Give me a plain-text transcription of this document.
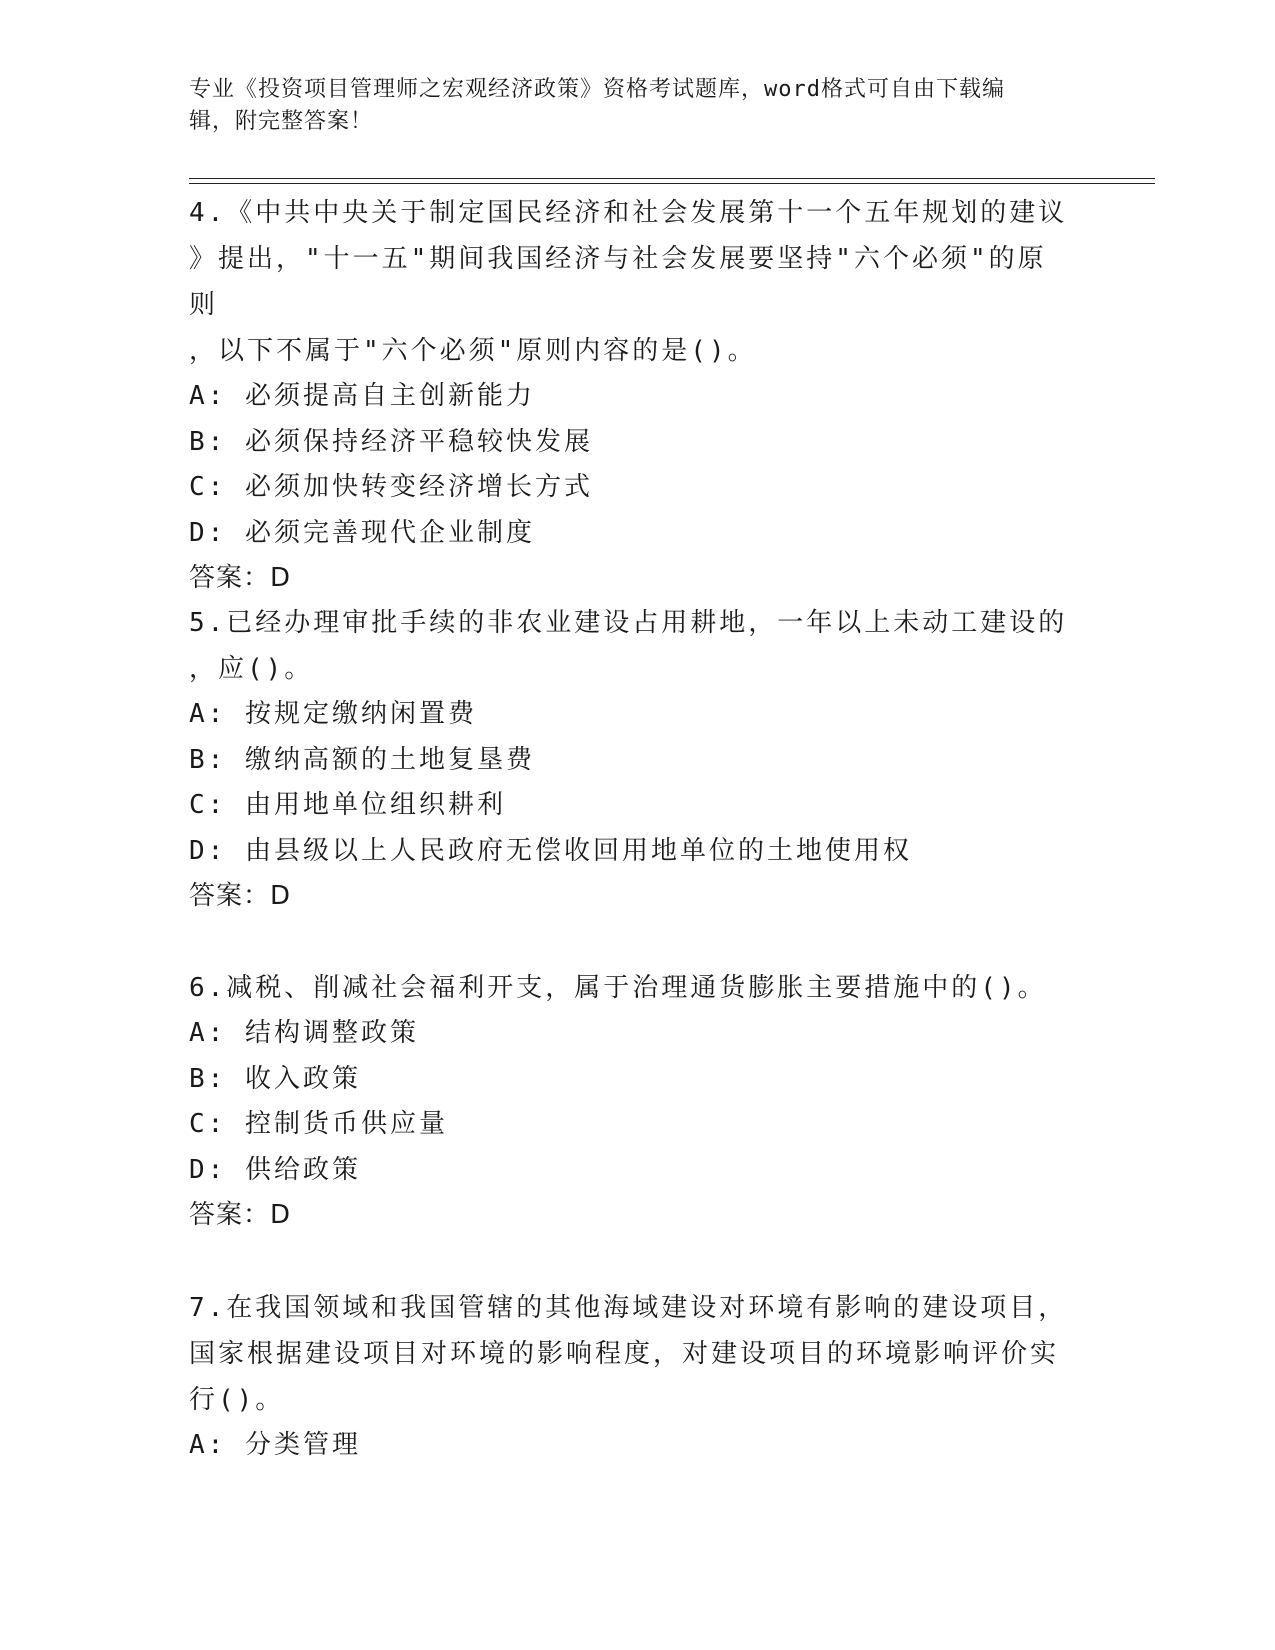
专业《投资项目管理师之宏观经济政策》资格考试题库，word格式可自由下载编
辑，附完整答案！

4.《中共中央关于制定国民经济和社会发展第十一个五年规划的建议

》提出，"十一五"期间我国经济与社会发展要坚持"六个必须"的原则

，以下不属于"六个必须"原则内容的是()。

A: 必须提高自主创新能力

B: 必须保持经济平稳较快发展

C: 必须加快转变经济增长方式

D: 必须完善现代企业制度

答案：D

5.已经办理审批手续的非农业建设占用耕地，一年以上未动工建设的

，应()。

A: 按规定缴纳闲置费

B: 缴纳高额的土地复垦费

C: 由用地单位组织耕利

D: 由县级以上人民政府无偿收回用地单位的土地使用权

答案：D

6.减税、削减社会福利开支，属于治理通货膨胀主要措施中的()。

A: 结构调整政策

B: 收入政策

C: 控制货币供应量

D: 供给政策

答案：D

7.在我国领域和我国管辖的其他海域建设对环境有影响的建设项目，

国家根据建设项目对环境的影响程度，对建设项目的环境影响评价实

行()。

A: 分类管理
